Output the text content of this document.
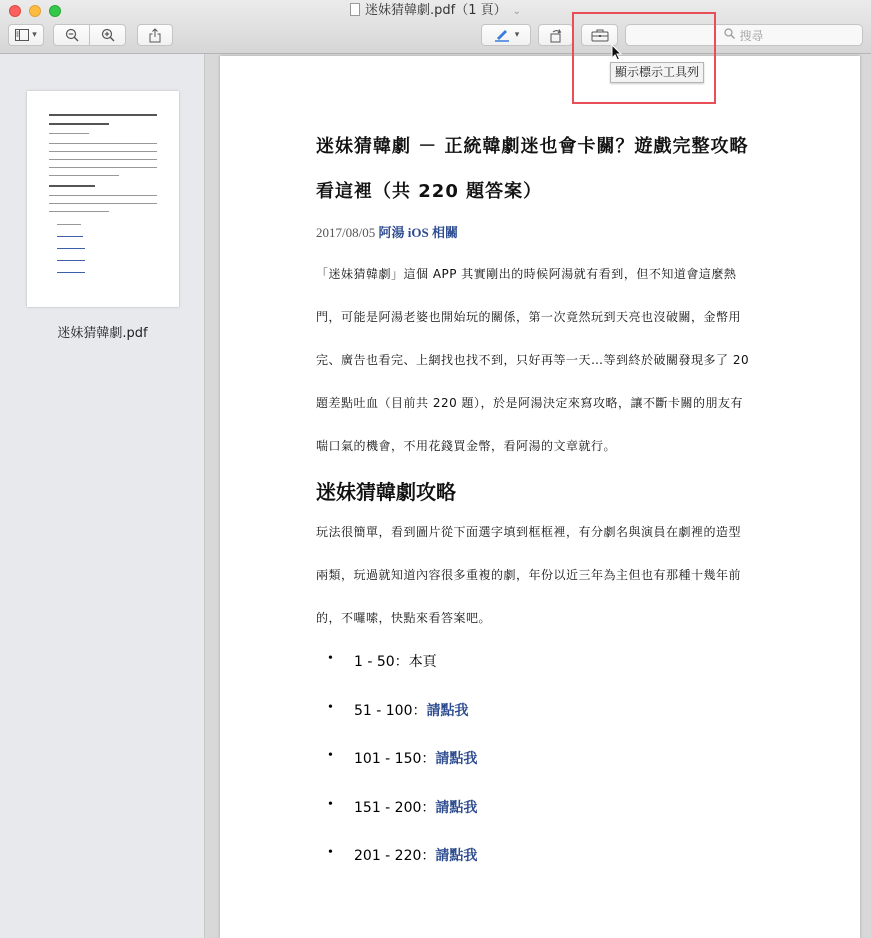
迷妹猜韓劇.pdf（1 頁） ⌄
▾	▾	搜尋
迷妹猜韓劇.pdf
迷妹猜韓劇 － 正統韓劇迷也會卡關？遊戲完整攻略
看這裡（共 220 題答案）
2017/08/05 阿湯 iOS 相關
「迷妹猜韓劇」這個 APP 其實剛出的時候阿湯就有看到，但不知道會這麼熱
門，可能是阿湯老婆也開始玩的關係，第一次竟然玩到天亮也沒破關，金幣用
完、廣告也看完、上網找也找不到，只好再等一天…等到終於破關發現多了 20
題差點吐血（目前共 220 題），於是阿湯決定來寫攻略，讓不斷卡關的朋友有
喘口氣的機會，不用花錢買金幣，看阿湯的文章就行。
迷妹猜韓劇攻略
玩法很簡單，看到圖片從下面選字填到框框裡，有分劇名與演員在劇裡的造型
兩類，玩過就知道內容很多重複的劇，年份以近三年為主但也有那種十幾年前
的，不囉嗦，快點來看答案吧。
• 1 - 50：本頁
• 51 - 100：請點我
• 101 - 150：請點我
• 151 - 200：請點我
• 201 - 220：請點我
顯示標示工具列
